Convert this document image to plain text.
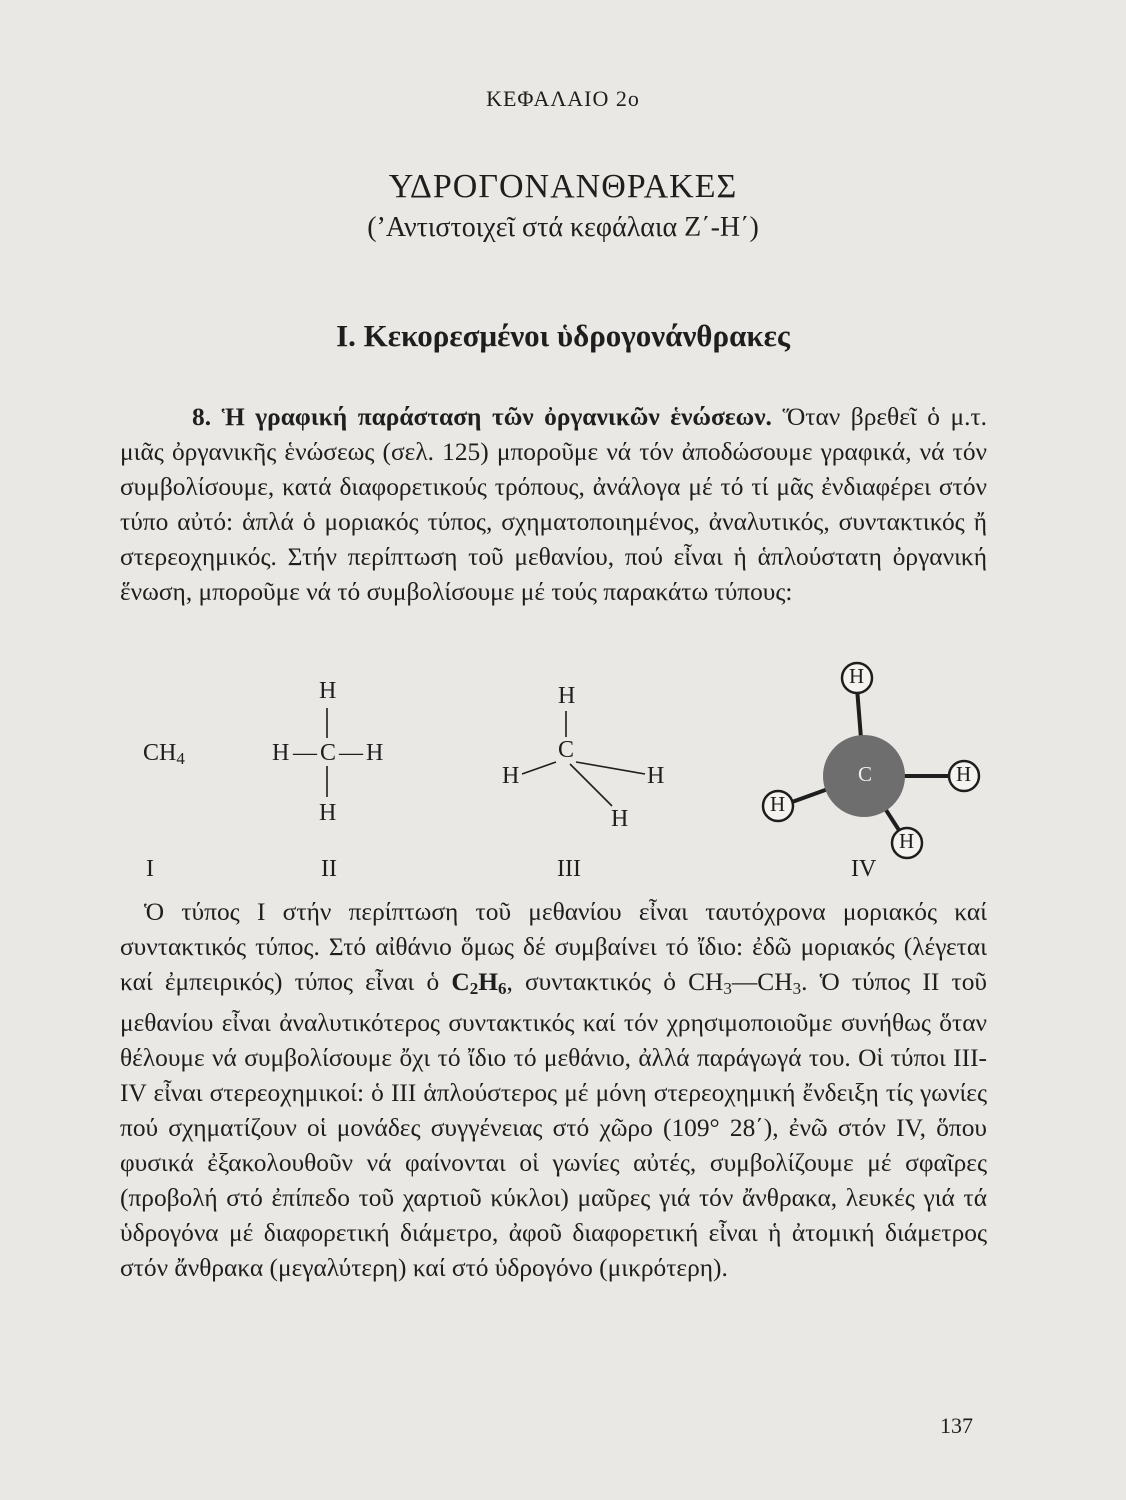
ΚΕΦΑΛΑΙΟ 2ο
ΥΔΡΟΓΟΝΑΝΘΡΑΚΕΣ
(’Αντιστοιχεῖ στά κεφάλαια Ζ΄-Η΄)
Ι. Κεκορεσμένοι ὑδρογονάνθρακες

8. Ἡ γραφική παράσταση τῶν ὀργανικῶν ἑνώσεων. Ὅταν βρεθεῖ ὁ μ.τ. μιᾶς ὀργανικῆς ἑνώσεως (σελ. 125) μποροῦμε νά τόν ἀποδώσουμε γραφικά, νά τόν συμβολίσουμε, κατά διαφορετικούς τρόπους, ἀνάλογα μέ τό τί μᾶς ἐνδιαφέρει στόν τύπο αὐτό: ἁπλά ὁ μοριακός τύπος, σχηματοποιημένος, ἀναλυτικός, συντακτικός ἤ στερεοχημικός. Στήν περίπτωση τοῦ μεθανίου, πού εἶναι ἡ ἁπλούστατη ὀργανική ἕνωση, μποροῦμε νά τό συμβολίσουμε μέ τούς παρακάτω τύπους:

$CH_4$
H
H — C — H
H
H
C
H	H
H
H
C	H
H
H
I	II	III	IV

Ὁ τύπος I στήν περίπτωση τοῦ μεθανίου εἶναι ταυτόχρονα μοριακός καί συντακτικός τύπος. Στό αἰθάνιο ὅμως δέ συμβαίνει τό ἴδιο: ἐδῶ μοριακός (λέγεται καί ἐμπειρικός) τύπος εἶναι ὁ $C_2H_6$, συντακτικός ὁ $CH_3—CH_3$. Ὁ τύπος II τοῦ μεθανίου εἶναι ἀναλυτικότερος συντακτικός καί τόν χρησιμοποιοῦμε συνήθως ὅταν θέλουμε νά συμβολίσουμε ὄχι τό ἴδιο τό μεθάνιο, ἀλλά παράγωγά του. Οἱ τύποι III-IV εἶναι στερεοχημικοί: ὁ III ἁπλούστερος μέ μόνη στερεοχημική ἔνδειξη τίς γωνίες πού σχηματίζουν οἱ μονάδες συγγένειας στό χῶρο (109° 28΄), ἐνῶ στόν IV, ὅπου φυσικά ἐξακολουθοῦν νά φαίνονται οἱ γωνίες αὐτές, συμβολίζουμε μέ σφαῖρες (προβολή στό ἐπίπεδο τοῦ χαρτιοῦ κύκλοι) μαῦρες γιά τόν ἄνθρακα, λευκές γιά τά ὑδρογόνα μέ διαφορετική διάμετρο, ἀφοῦ διαφορετική εἶναι ἡ ἀτομική διάμετρος στόν ἄνθρακα (μεγαλύτερη) καί στό ὑδρογόνο (μικρότερη).

137
